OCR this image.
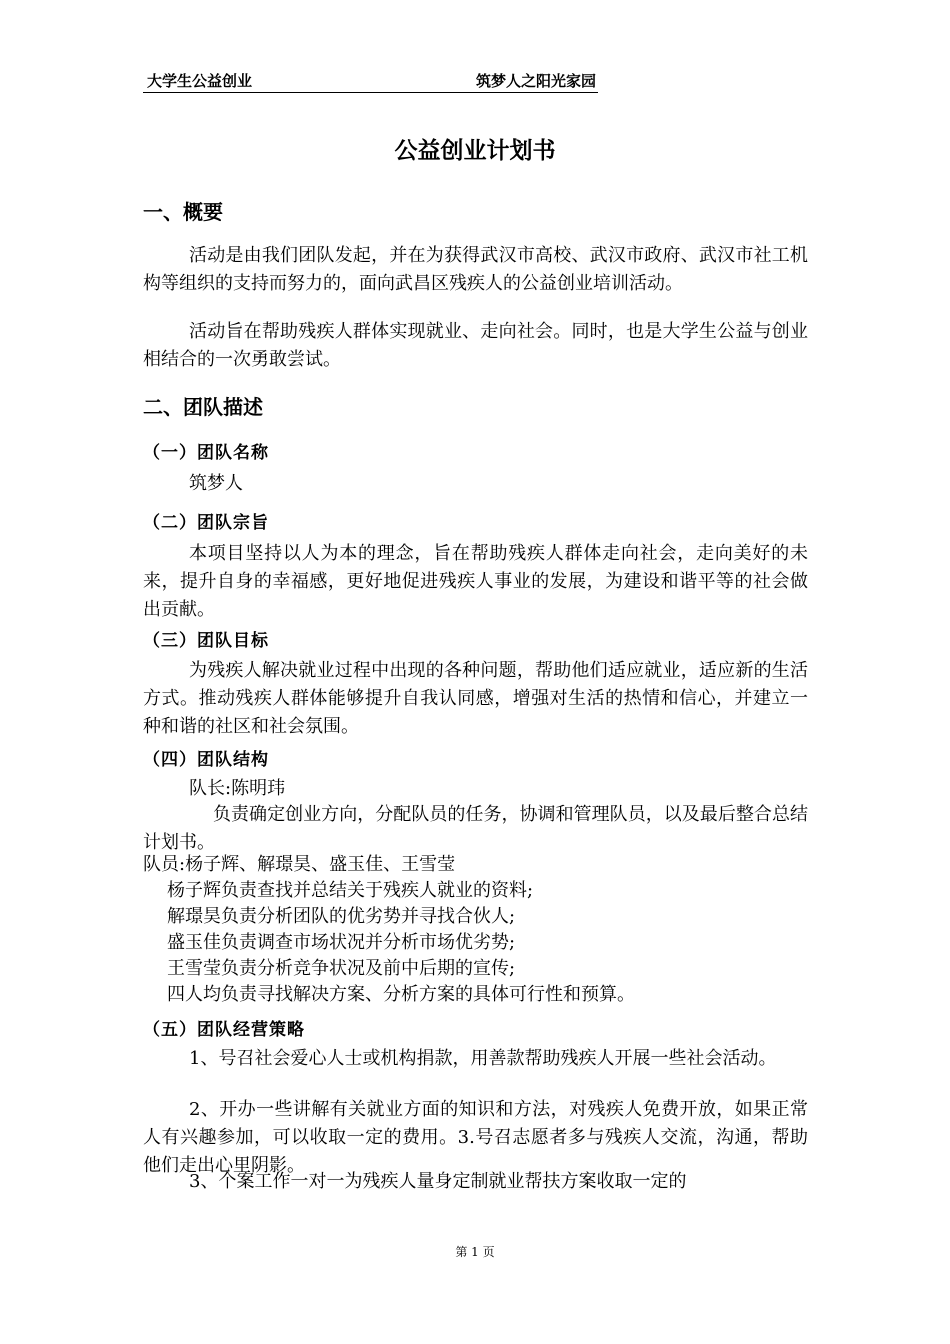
大学生公益创业	筑梦人之阳光家园
公益创业计划书
一、概要

活动是由我们团队发起，并在为获得武汉市高校、武汉市政府、武汉市社工机构等组织的支持而努力的，面向武昌区残疾人的公益创业培训活动。

活动旨在帮助残疾人群体实现就业、走向社会。同时，也是大学生公益与创业相结合的一次勇敢尝试。

二、团队描述
（一）团队名称
筑梦人
（二）团队宗旨

本项目坚持以人为本的理念，旨在帮助残疾人群体走向社会，走向美好的未来，提升自身的幸福感，更好地促进残疾人事业的发展，为建设和谐平等的社会做出贡献。

（三）团队目标

为残疾人解决就业过程中出现的各种问题，帮助他们适应就业，适应新的生活方式。推动残疾人群体能够提升自我认同感，增强对生活的热情和信心，并建立一种和谐的社区和社会氛围。

（四）团队结构
队长:陈明玮

负责确定创业方向，分配队员的任务，协调和管理队员，以及最后整合总结计划书。

队员:杨子辉、解璟昊、盛玉佳、王雪莹
杨子辉负责查找并总结关于残疾人就业的资料;
解璟昊负责分析团队的优劣势并寻找合伙人;
盛玉佳负责调查市场状况并分析市场优劣势;
王雪莹负责分析竞争状况及前中后期的宣传;
四人均负责寻找解决方案、分析方案的具体可行性和预算。
（五）团队经营策略

1、号召社会爱心人士或机构捐款，用善款帮助残疾人开展一些社会活动。

2、开办一些讲解有关就业方面的知识和方法，对残疾人免费开放，如果正常人有兴趣参加，可以收取一定的费用。3.号召志愿者多与残疾人交流，沟通，帮助他们走出心里阴影。

3、个案工作一对一为残疾人量身定制就业帮扶方案收取一定的

第 1 页
